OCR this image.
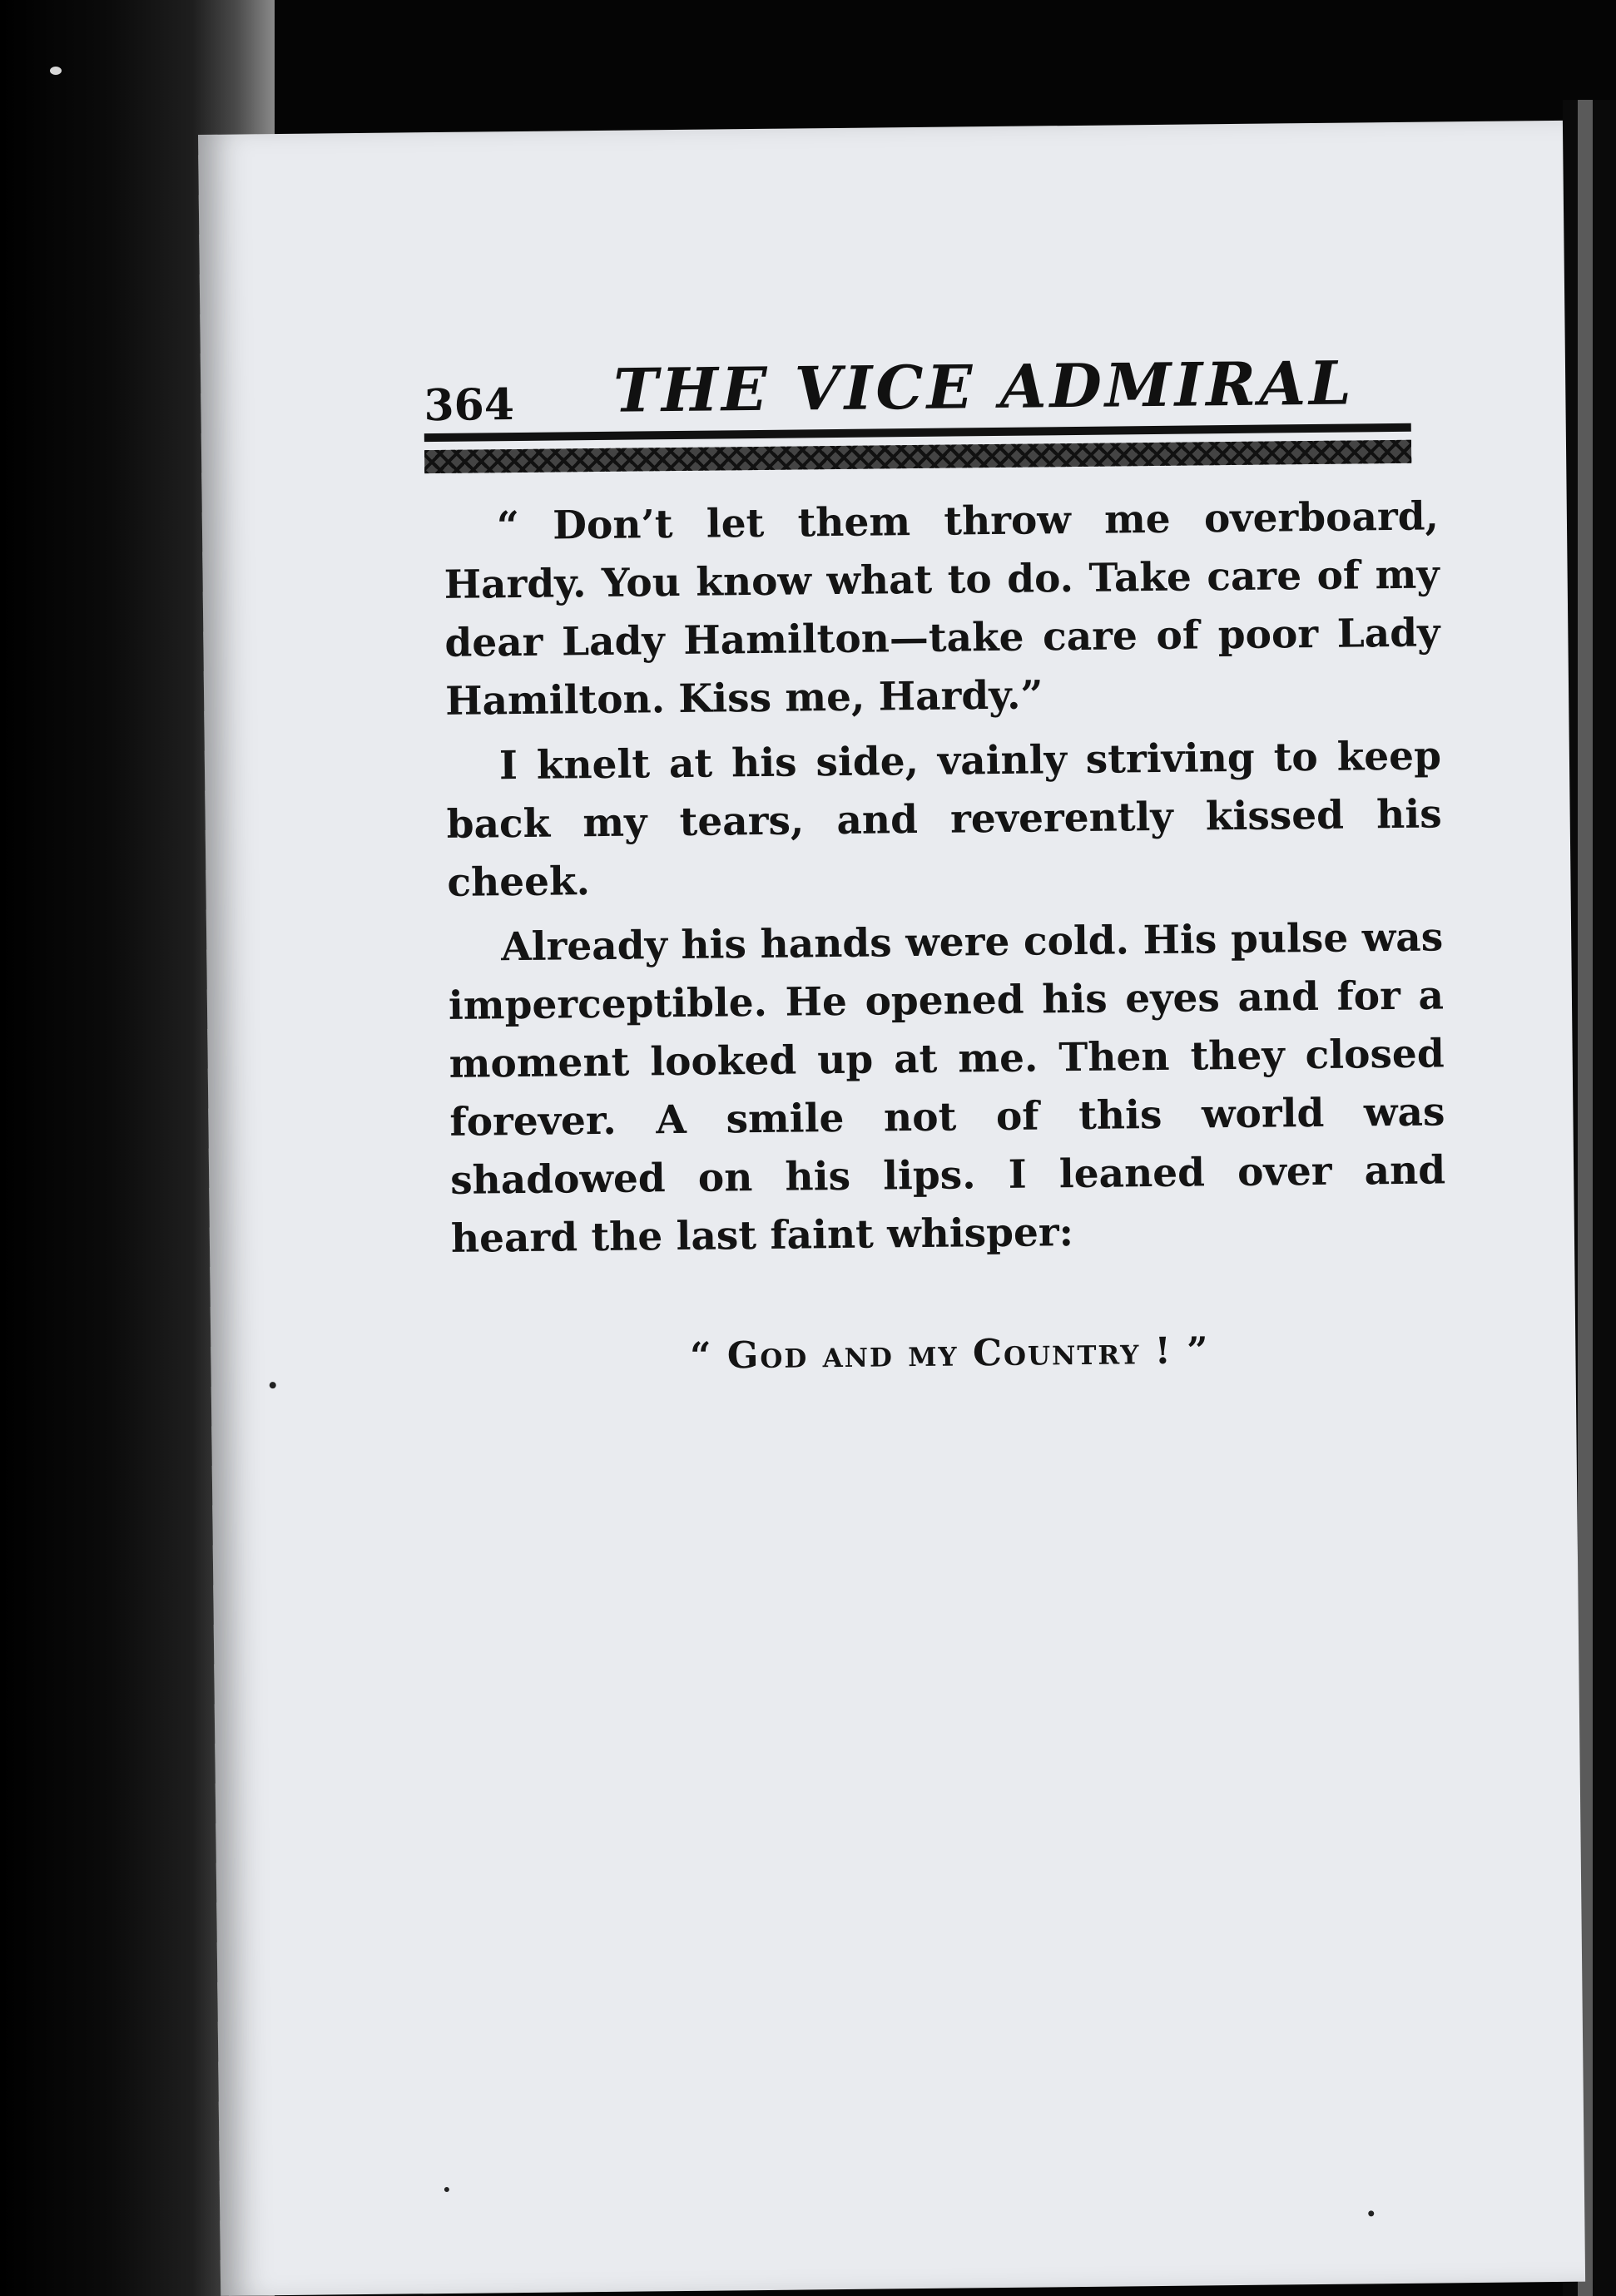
364 THE VICE ADMIRAL

“ Don’t let them throw me overboard, Hardy. You know what to do. Take care of my dear Lady Hamilton—take care of poor Lady Hamilton. Kiss me, Hardy.”

I knelt at his side, vainly striving to keep back my tears, and reverently kissed his cheek.

Already his hands were cold. His pulse was imperceptible. He opened his eyes and for a moment looked up at me. Then they closed forever. A smile not of this world was shadowed on his lips. I leaned over and heard the last faint whisper:

“ God and my Country ! ”
